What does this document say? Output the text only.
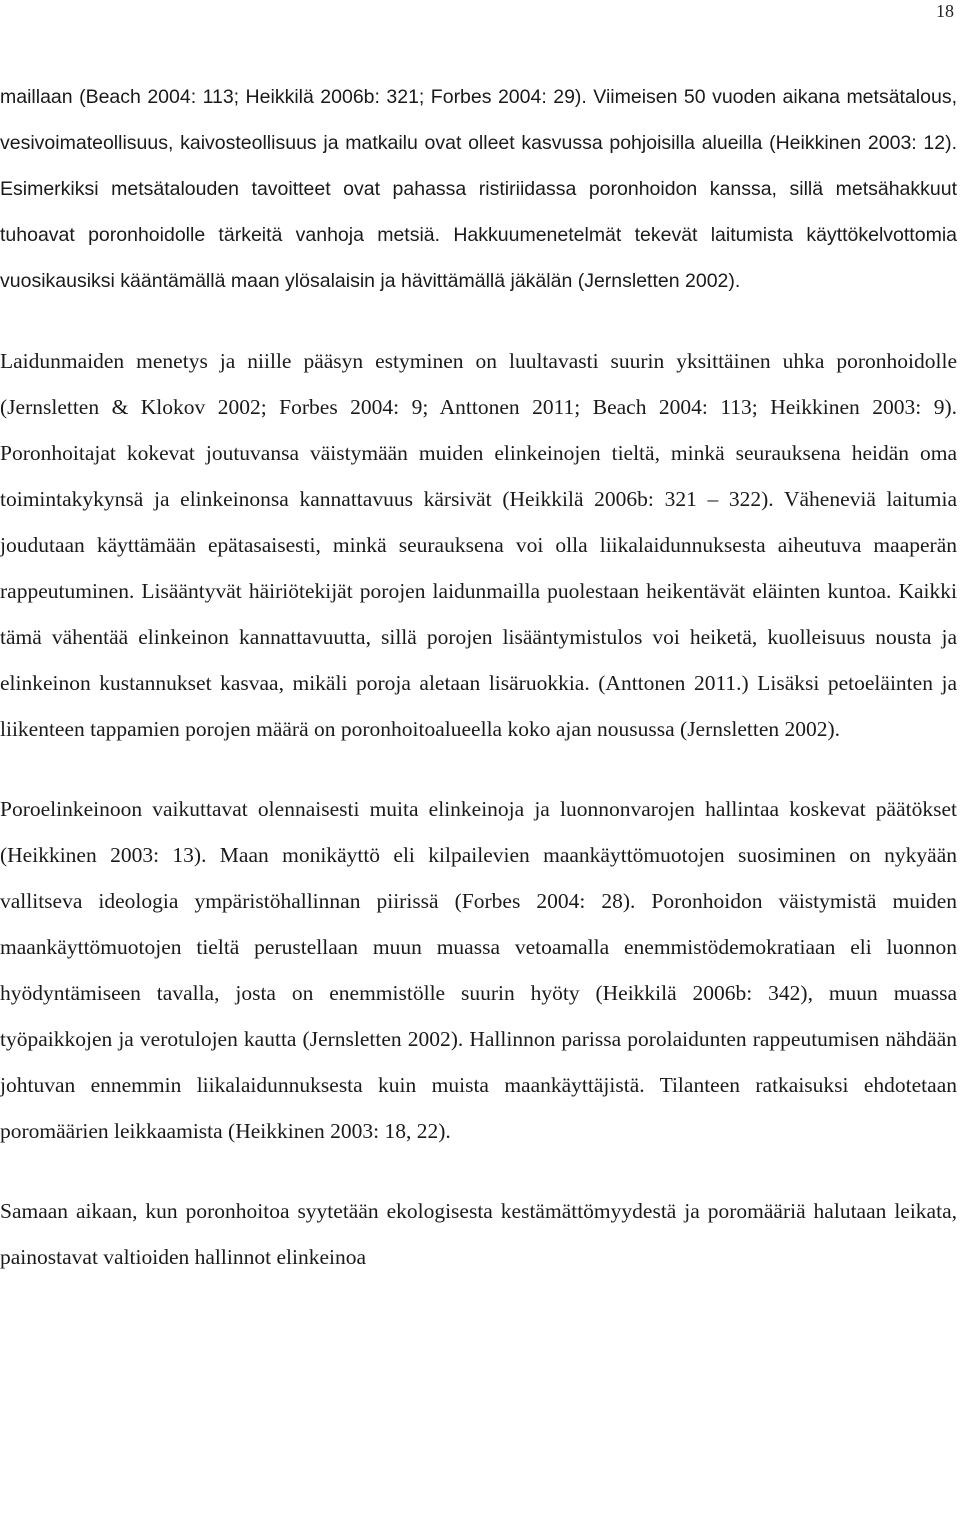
18

maillaan (Beach 2004: 113; Heikkilä 2006b: 321; Forbes 2004: 29). Viimeisen 50 vuoden aikana metsätalous, vesivoimateollisuus, kaivosteollisuus ja matkailu ovat olleet kasvussa pohjoisilla alueilla (Heikkinen 2003: 12). Esimerkiksi metsätalouden tavoitteet ovat pahassa ristiriidassa poronhoidon kanssa, sillä metsähakkuut tuhoavat poronhoidolle tärkeitä vanhoja metsiä. Hakkuumenetelmät tekevät laitumista käyttökelvottomia vuosikausiksi kääntämällä maan ylösalaisin ja hävittämällä jäkälän (Jernsletten 2002).

Laidunmaiden menetys ja niille pääsyn estyminen on luultavasti suurin yksittäinen uhka poronhoidolle (Jernsletten & Klokov 2002; Forbes 2004: 9; Anttonen 2011; Beach 2004: 113; Heikkinen 2003: 9). Poronhoitajat kokevat joutuvansa väistymään muiden elinkeinojen tieltä, minkä seurauksena heidän oma toimintakykynsä ja elinkeinonsa kannattavuus kärsivät (Heikkilä 2006b: 321 – 322). Väheneviä laitumia joudutaan käyttämään epätasaisesti, minkä seurauksena voi olla liikalaidunnuksesta aiheutuva maaperän rappeutuminen. Lisääntyvät häiriötekijät porojen laidunmailla puolestaan heikentävät eläinten kuntoa. Kaikki tämä vähentää elinkeinon kannattavuutta, sillä porojen lisääntymistulos voi heiketä, kuolleisuus nousta ja elinkeinon kustannukset kasvaa, mikäli poroja aletaan lisäruokkia. (Anttonen 2011.) Lisäksi petoeläinten ja liikenteen tappamien porojen määrä on poronhoitoalueella koko ajan nousussa (Jernsletten 2002).

Poroelinkeinoon vaikuttavat olennaisesti muita elinkeinoja ja luonnonvarojen hallintaa koskevat päätökset (Heikkinen 2003: 13). Maan monikäyttö eli kilpailevien maankäyttömuotojen suosiminen on nykyään vallitseva ideologia ympäristöhallinnan piirissä (Forbes 2004: 28). Poronhoidon väistymistä muiden maankäyttömuotojen tieltä perustellaan muun muassa vetoamalla enemmistödemokratiaan eli luonnon hyödyntämiseen tavalla, josta on enemmistölle suurin hyöty (Heikkilä 2006b: 342), muun muassa työpaikkojen ja verotulojen kautta (Jernsletten 2002). Hallinnon parissa porolaidunten rappeutumisen nähdään johtuvan ennemmin liikalaidunnuksesta kuin muista maankäyttäjistä. Tilanteen ratkaisuksi ehdotetaan poromäärien leikkaamista (Heikkinen 2003: 18, 22).

Samaan aikaan, kun poronhoitoa syytetään ekologisesta kestämättömyydestä ja poromääriä halutaan leikata, painostavat valtioiden hallinnot elinkeinoa
